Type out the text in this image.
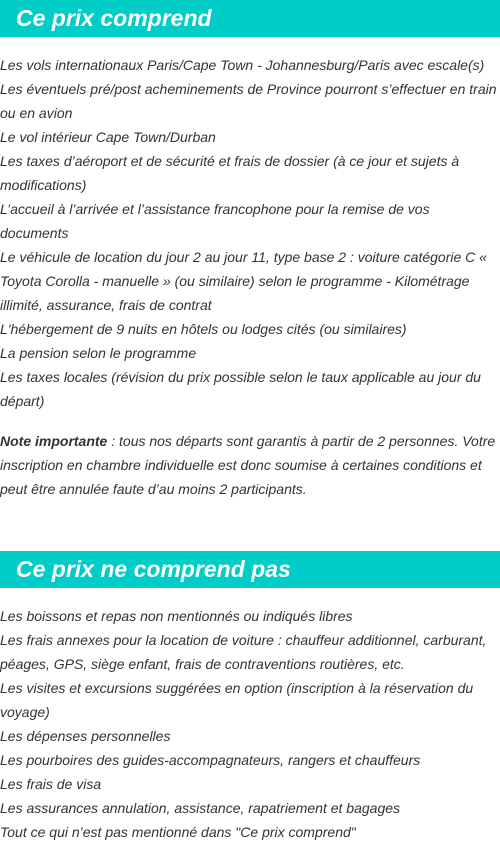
Ce prix comprend
Les vols internationaux Paris/Cape Town - Johannesburg/Paris avec escale(s)
Les éventuels pré/post acheminements de Province pourront s’effectuer en train ou en avion
Le vol intérieur Cape Town/Durban
Les taxes d’aéroport et de sécurité et frais de dossier (à ce jour et sujets à modifications)
L’accueil à l’arrivée et l’assistance francophone pour la remise de vos documents
Le véhicule de location du jour 2 au jour 11, type base 2 : voiture catégorie C « Toyota Corolla - manuelle » (ou similaire) selon le programme - Kilométrage illimité, assurance, frais de contrat
L'hébergement de 9 nuits en hôtels ou lodges cités (ou similaires)
La pension selon le programme
Les taxes locales (révision du prix possible selon le taux applicable au jour du départ)

Note importante : tous nos départs sont garantis à partir de 2 personnes. Votre inscription en chambre individuelle est donc soumise à certaines conditions et peut être annulée faute d’au moins 2 participants.

Ce prix ne comprend pas
Les boissons et repas non mentionnés ou indiqués libres
Les frais annexes pour la location de voiture : chauffeur additionnel, carburant, péages, GPS, siège enfant, frais de contraventions routières, etc.
Les visites et excursions suggérées en option (inscription à la réservation du voyage)
Les dépenses personnelles
Les pourboires des guides-accompagnateurs, rangers et chauffeurs
Les frais de visa
Les assurances annulation, assistance, rapatriement et bagages
Tout ce qui n’est pas mentionné dans "Ce prix comprend"
